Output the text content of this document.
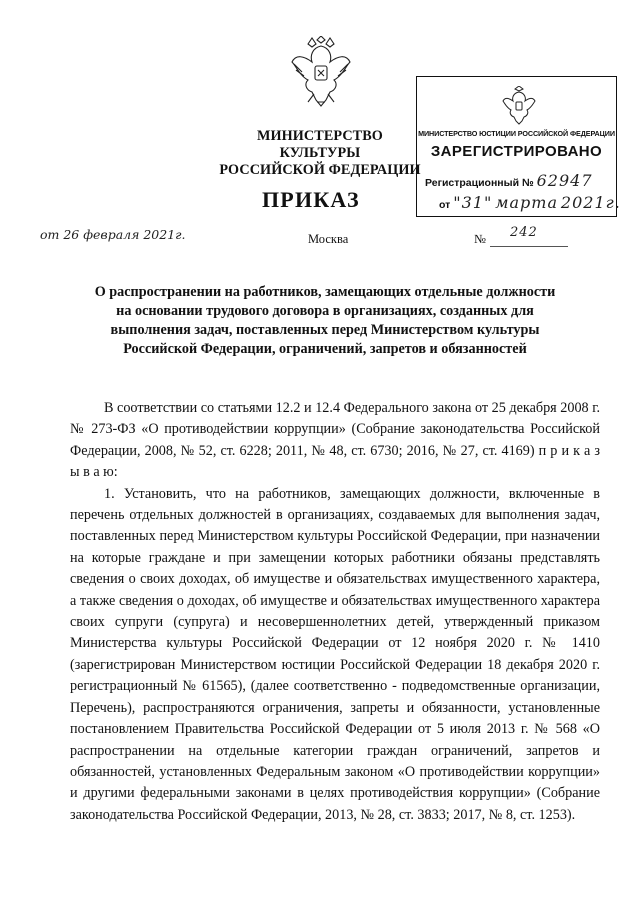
МИНИСТЕРСТВО КУЛЬТУРЫ
РОССИЙСКОЙ ФЕДЕРАЦИИ
МИНИСТЕРСТВО ЮСТИЦИИ РОССИЙСКОЙ ФЕДЕРАЦИИ
ЗАРЕГИСТРИРОВАНО
Регистрационный № 62947
от "31" марта 2021г.
ПРИКАЗ
от 26 февраля 2021г.	Москва	№ 242
О распространении на работников, замещающих отдельные должности
на основании трудового договора в организациях, созданных для
выполнения задач, поставленных перед Министерством культуры
Российской Федерации, ограничений, запретов и обязанностей

В соответствии со статьями 12.2 и 12.4 Федерального закона от 25 декабря 2008 г. № 273-ФЗ «О противодействии коррупции» (Собрание законодательства Российской Федерации, 2008, № 52, ст. 6228; 2011, № 48, ст. 6730; 2016, № 27, ст. 4169) п р и к а з ы в а ю:

1. Установить, что на работников, замещающих должности, включенные в перечень отдельных должностей в организациях, создаваемых для выполнения задач, поставленных перед Министерством культуры Российской Федерации, при назначении на которые граждане и при замещении которых работники обязаны представлять сведения о своих доходах, об имуществе и обязательствах имущественного характера, а также сведения о доходах, об имуществе и обязательствах имущественного характера своих супруги (супруга) и несовершеннолетних детей, утвержденный приказом Министерства культуры Российской Федерации от 12 ноября 2020 г. № 1410 (зарегистрирован Министерством юстиции Российской Федерации 18 декабря 2020 г. регистрационный № 61565), (далее соответственно - подведомственные организации, Перечень), распространяются ограничения, запреты и обязанности, установленные постановлением Правительства Российской Федерации от 5 июля 2013 г. № 568 «О распространении на отдельные категории граждан ограничений, запретов и обязанностей, установленных Федеральным законом «О противодействии коррупции» и другими федеральными законами в целях противодействия коррупции» (Собрание законодательства Российской Федерации, 2013, № 28, ст. 3833; 2017, № 8, ст. 1253).
